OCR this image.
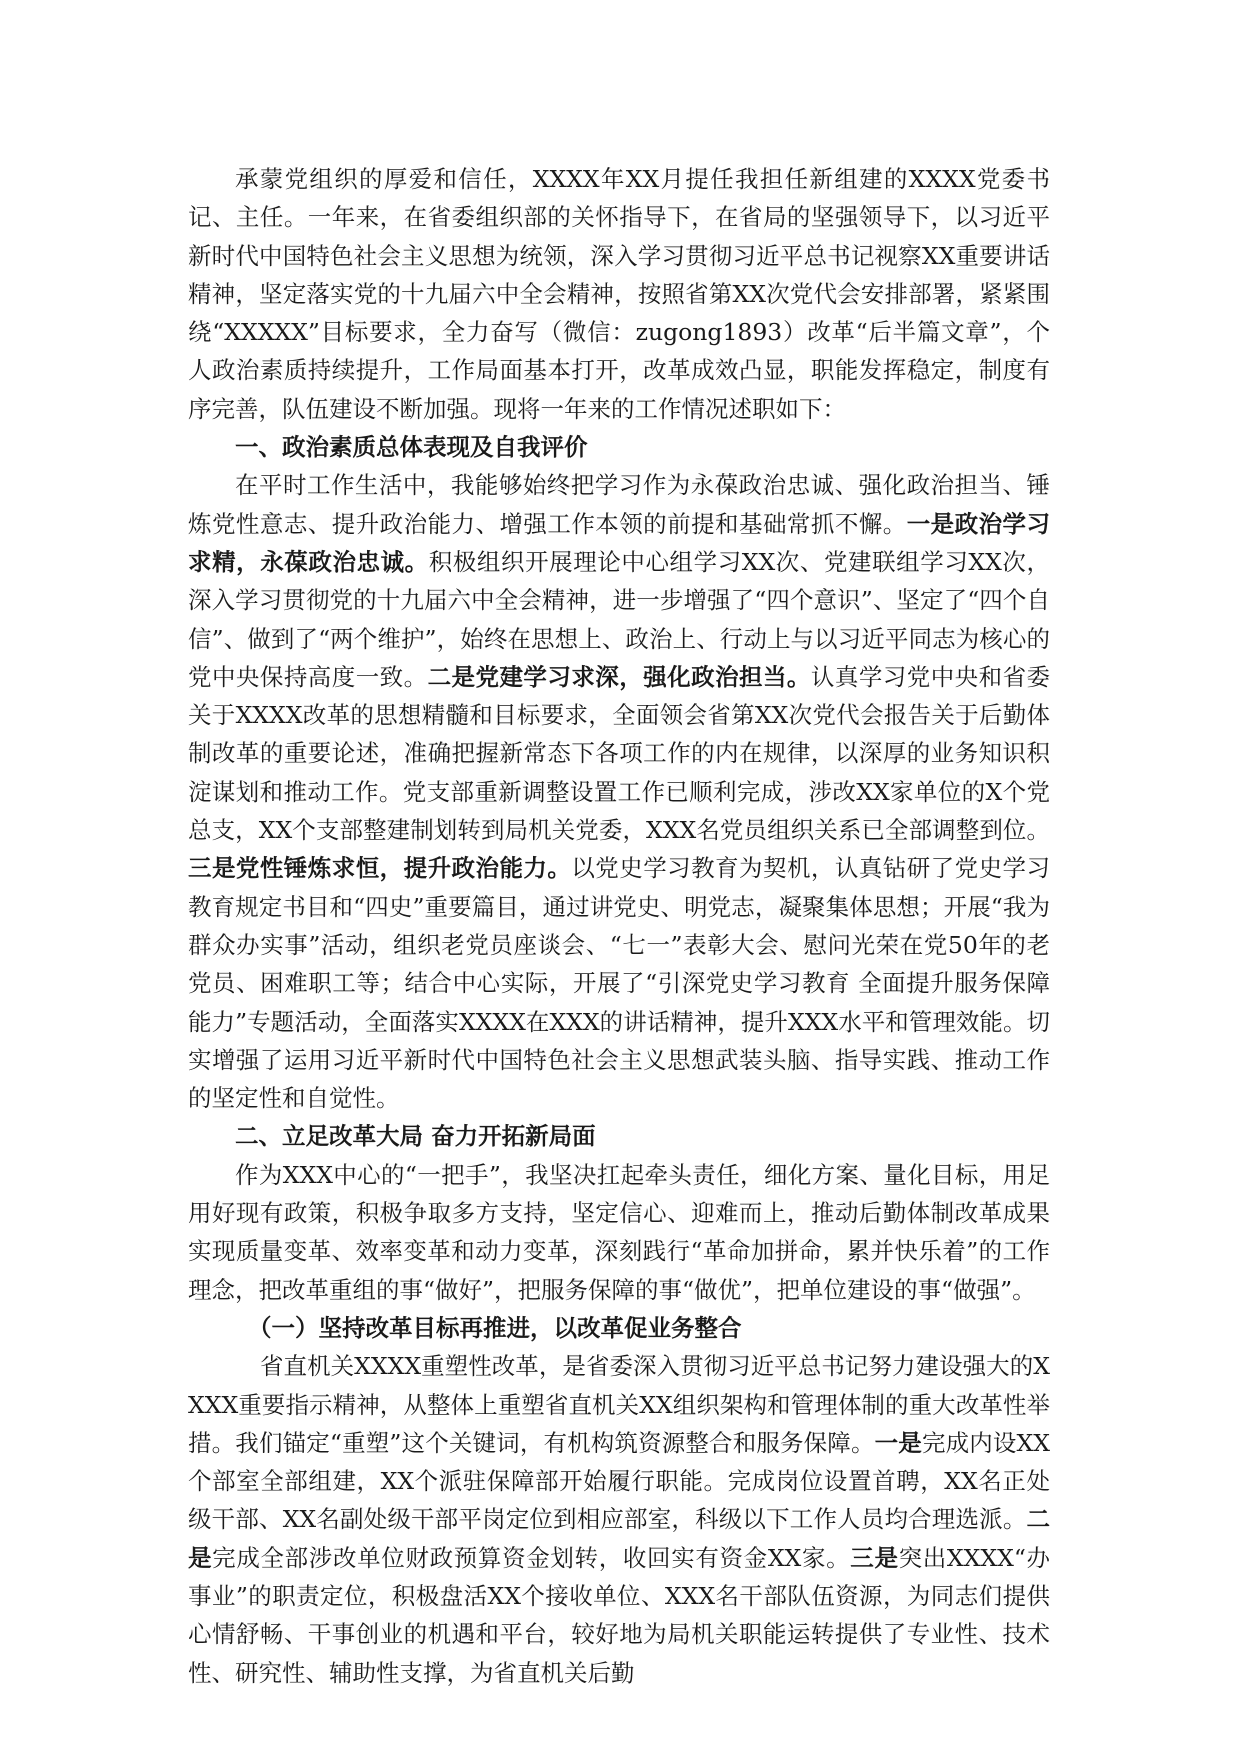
承蒙党组织的厚爱和信任，XXXX年XX月提任我担任新组建的XXXX党委书记、主任。一年来，在省委组织部的关怀指导下，在省局的坚强领导下，以习近平新时代中国特色社会主义思想为统领，深入学习贯彻习近平总书记视察XX重要讲话精神，坚定落实党的十九届六中全会精神，按照省第XX次党代会安排部署，紧紧围绕“XXXXX”目标要求，全力奋写（微信：zugong1893）改革“后半篇文章”，个人政治素质持续提升，工作局面基本打开，改革成效凸显，职能发挥稳定，制度有序完善，队伍建设不断加强。现将一年来的工作情况述职如下：

一、政治素质总体表现及自我评价

在平时工作生活中，我能够始终把学习作为永葆政治忠诚、强化政治担当、锤炼党性意志、提升政治能力、增强工作本领的前提和基础常抓不懈。一是政治学习求精，永葆政治忠诚。积极组织开展理论中心组学习XX次、党建联组学习XX次，深入学习贯彻党的十九届六中全会精神，进一步增强了“四个意识”、坚定了“四个自信”、做到了“两个维护”，始终在思想上、政治上、行动上与以习近平同志为核心的党中央保持高度一致。二是党建学习求深，强化政治担当。认真学习党中央和省委关于XXXX改革的思想精髓和目标要求，全面领会省第XX次党代会报告关于后勤体制改革的重要论述，准确把握新常态下各项工作的内在规律，以深厚的业务知识积淀谋划和推动工作。党支部重新调整设置工作已顺利完成，涉改XX家单位的X个党总支，XX个支部整建制划转到局机关党委，XXX名党员组织关系已全部调整到位。三是党性锤炼求恒，提升政治能力。以党史学习教育为契机，认真钻研了党史学习教育规定书目和“四史”重要篇目，通过讲党史、明党志，凝聚集体思想；开展“我为群众办实事”活动，组织老党员座谈会、“七一”表彰大会、慰问光荣在党50年的老党员、困难职工等；结合中心实际，开展了“引深党史学习教育 全面提升服务保障能力”专题活动，全面落实XXXX在XXX的讲话精神，提升XXX水平和管理效能。切实增强了运用习近平新时代中国特色社会主义思想武装头脑、指导实践、推动工作的坚定性和自觉性。

二、立足改革大局 奋力开拓新局面

作为XXX中心的“一把手”，我坚决扛起牵头责任，细化方案、量化目标，用足用好现有政策，积极争取多方支持，坚定信心、迎难而上，推动后勤体制改革成果实现质量变革、效率变革和动力变革，深刻践行“革命加拼命，累并快乐着”的工作理念，把改革重组的事“做好”，把服务保障的事“做优”，把单位建设的事“做强”。

（一）坚持改革目标再推进，以改革促业务整合

省直机关XXXX重塑性改革，是省委深入贯彻习近平总书记努力建设强大的XXXX重要指示精神，从整体上重塑省直机关XX组织架构和管理体制的重大改革性举措。我们锚定“重塑”这个关键词，有机构筑资源整合和服务保障。一是完成内设XX个部室全部组建，XX个派驻保障部开始履行职能。完成岗位设置首聘，XX名正处级干部、XX名副处级干部平岗定位到相应部室，科级以下工作人员均合理选派。二是完成全部涉改单位财政预算资金划转，收回实有资金XX家。三是突出XXXX“办事业”的职责定位，积极盘活XX个接收单位、XXX名干部队伍资源，为同志们提供心情舒畅、干事创业的机遇和平台，较好地为局机关职能运转提供了专业性、技术性、研究性、辅助性支撑，为省直机关后勤
